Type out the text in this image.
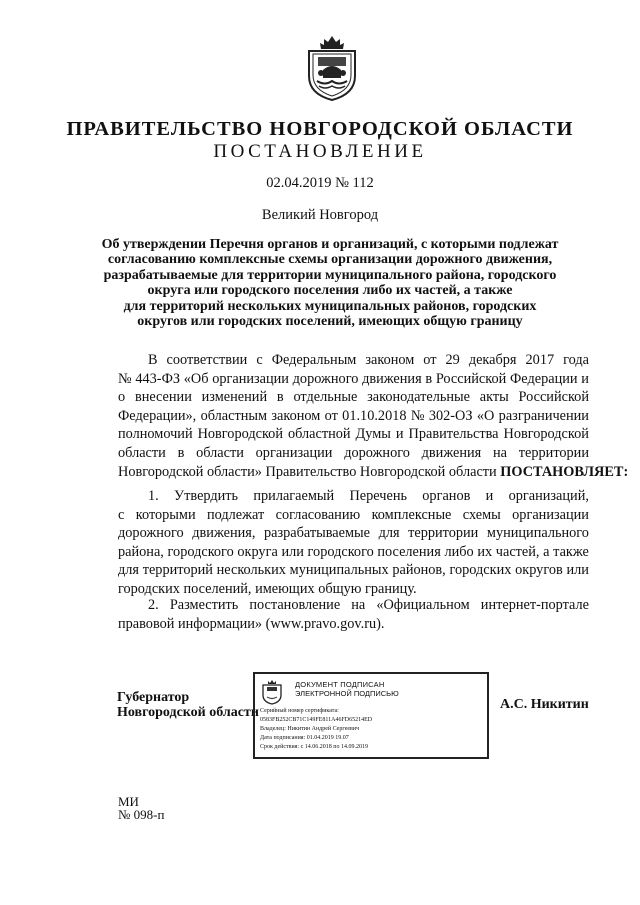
ПРАВИТЕЛЬСТВО НОВГОРОДСКОЙ ОБЛАСТИ
ПОСТАНОВЛЕНИЕ
02.04.2019 № 112
Великий Новгород
Об утверждении Перечня органов и организаций, с которыми подлежат
согласованию комплексные схемы организации дорожного движения,
разрабатываемые для территории муниципального района, городского
округа или городского поселения либо их частей, а также
для территорий нескольких муниципальных районов, городских
округов или городских поселений, имеющих общую границу
В соответствии с Федеральным законом от 29 декабря 2017 года
№ 443-ФЗ «Об организации дорожного движения в Российской Федерации и
о внесении изменений в отдельные законодательные акты Российской
Федерации», областным законом от 01.10.2018 № 302-ОЗ «О разграничении
полномочий Новгородской областной Думы и Правительства Новгородской
области в области организации дорожного движения на территории
Новгородской области» Правительство Новгородской области
ПОСТАНОВЛЯЕТ:
1. Утвердить прилагаемый Перечень органов и организаций,
с которыми подлежат согласованию комплексные схемы организации
дорожного движения, разрабатываемые для территории муниципального
района, городского округа или городского поселения либо их частей, а также
для территорий нескольких муниципальных районов, городских округов или
городских поселений, имеющих общую границу.
2. Разместить постановление на «Официальном интернет-портале
правовой информации» (www.pravo.gov.ru).
Губернатор
Новгородской области
ДОКУМЕНТ ПОДПИСАН
ЭЛЕКТРОННОЙ ПОДПИСЬЮ
Серийный номер сертификата:
0583FB252CB71C149FE811A46FD65214ED
Владелец: Никитин Андрей Сергеевич
Дата подписания: 01.04.2019 19.07
Срок действия: с 14.06.2018 по 14.09.2019
А.С. Никитин
МИ
№ 098-п
